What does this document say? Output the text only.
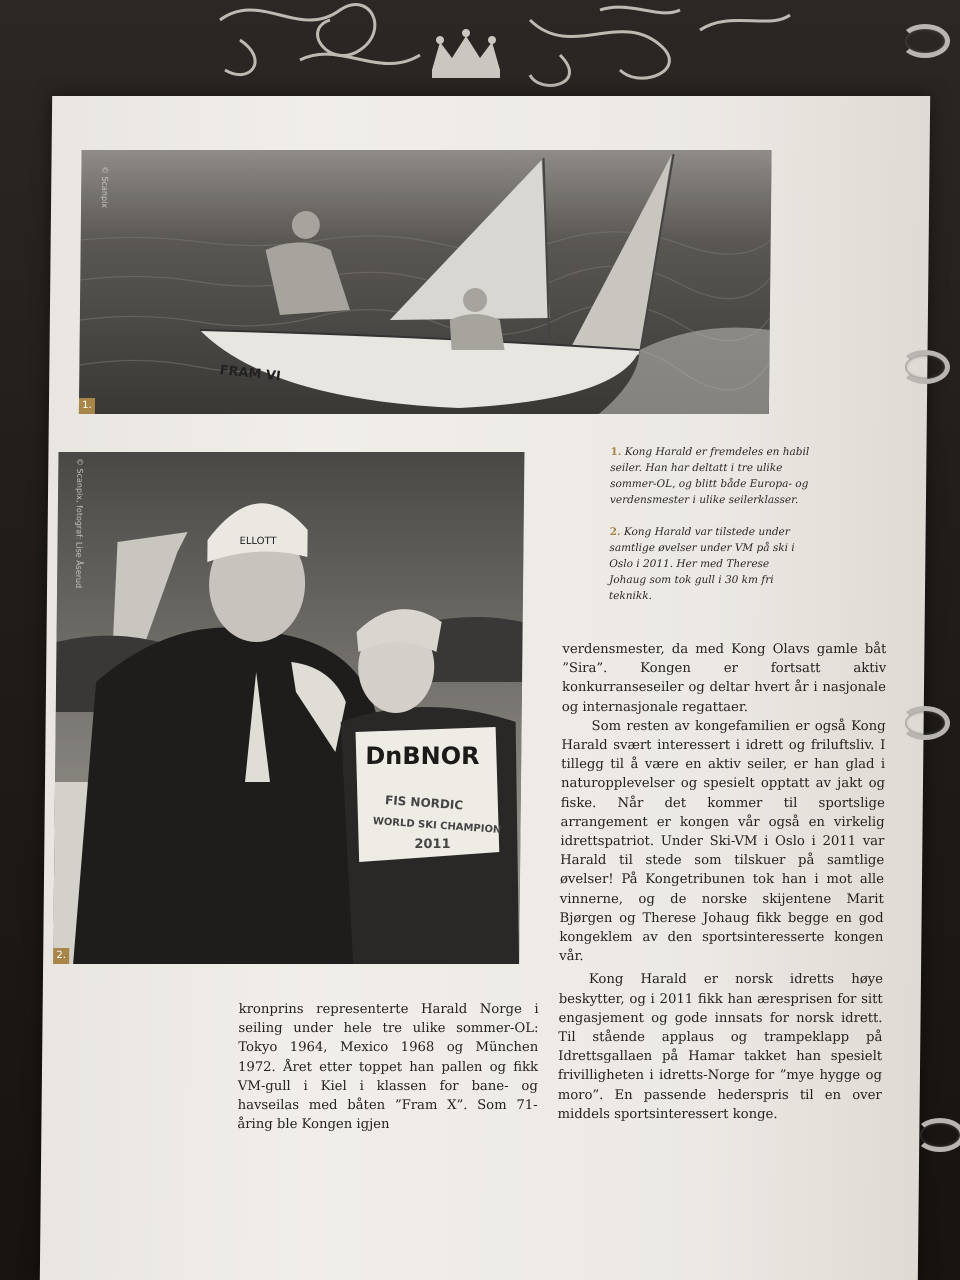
FRAM VI
© Scanpix
1.
ELLOTT
DnBNOR
FIS NORDIC
WORLD SKI CHAMPION
2011
© Scanpix, fotograf: Lise Åserud
2.
1. Kong Harald er fremdeles en habil seiler. Han har deltatt i tre ulike sommer-OL, og blitt både Europa- og verdensmester i ulike seilerklasser.
2. Kong Harald var tilstede under samtlige øvelser under VM på ski i Oslo i 2011. Her med Therese Johaug som tok gull i 30 km fri teknikk.

verdensmester, da med Kong Olavs gamle båt ”Sira”. Kongen er fortsatt aktiv konkurranseseiler og deltar hvert år i nasjonale og internasjonale regattaer.

Som resten av kongefamilien er også Kong Harald svært interessert i idrett og friluftsliv. I tillegg til å være en aktiv seiler, er han glad i naturopplevelser og spesielt opptatt av jakt og fiske. Når det kommer til sportslige arrangement er kongen vår også en virkelig idrettspatriot. Under Ski-VM i Oslo i 2011 var Harald til stede som tilskuer på samtlige øvelser! På Kongetribunen tok han i mot alle vinnerne, og de norske skijentene Marit Bjørgen og Therese Johaug fikk begge en god kongeklem av den sportsinteresserte kongen vår.

Kong Harald er norsk idretts høye beskytter, og i 2011 fikk han æresprisen for sitt engasjement og gode innsats for norsk idrett. Til stående applaus og trampeklapp på Idrettsgallaen på Hamar takket han spesielt frivilligheten i idretts-Norge for ”mye hygge og moro”. En passende hederspris til en over middels sportsinteressert konge.

kronprins representerte Harald Norge i seiling under hele tre ulike sommer-OL: Tokyo 1964, Mexico 1968 og München 1972. Året etter toppet han pallen og fikk VM-gull i Kiel i klassen for bane- og havseilas med båten ”Fram X”. Som 71-åring ble Kongen igjen
